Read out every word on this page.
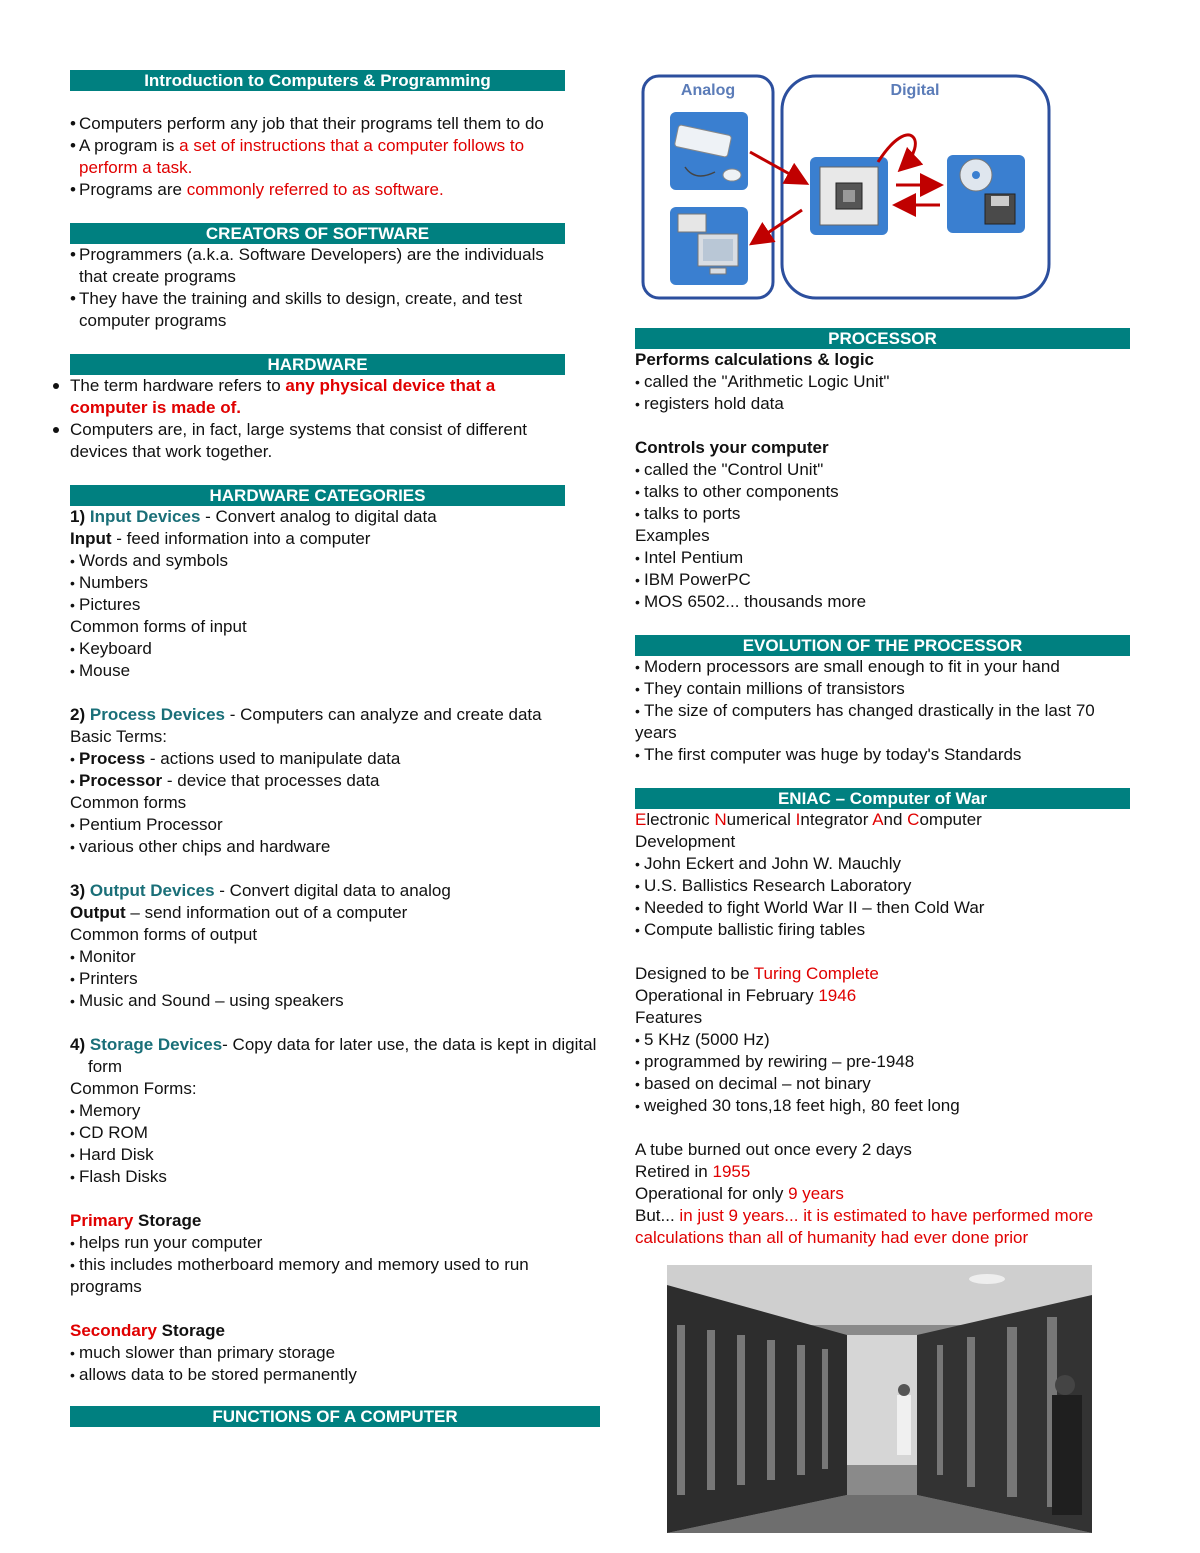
Introduction to Computers & Programming
• Computers perform any job that their programs tell them to do
• A program is a set of instructions that a computer follows to
perform a task.
• Programs are commonly referred to as software.
CREATORS OF SOFTWARE
• Programmers (a.k.a. Software Developers) are the individuals
that create programs
• They have the training and skills to design, create, and test
computer programs
HARDWARE
The term hardware refers to any physical device that a
computer is made of.
Computers are, in fact, large systems that consist of different
devices that work together.
HARDWARE CATEGORIES
1) Input Devices - Convert analog to digital data
Input - feed information into a computer
• Words and symbols
• Numbers
• Pictures
Common forms of input
• Keyboard
• Mouse
2) Process Devices - Computers can analyze and create data
Basic Terms:
• Process - actions used to manipulate data
• Processor - device that processes data
Common forms
• Pentium Processor
• various other chips and hardware
3) Output Devices - Convert digital data to analog
Output – send information out of a computer
Common forms of output
• Monitor
• Printers
• Music and Sound – using speakers
4) Storage Devices- Copy data for later use, the data is kept in digital
form
Common Forms:
• Memory
• CD ROM
• Hard Disk
• Flash Disks
Primary Storage
• helps run your computer
• this includes motherboard memory and memory used to run
programs
Secondary Storage
• much slower than primary storage
• allows data to be stored permanently
FUNCTIONS OF A COMPUTER
Analog	Digital
PROCESSOR
Performs calculations & logic
• called the "Arithmetic Logic Unit"
• registers hold data
Controls your computer
• called the "Control Unit"
• talks to other components
• talks to ports
Examples
• Intel Pentium
• IBM PowerPC
• MOS 6502... thousands more
EVOLUTION OF THE PROCESSOR
• Modern processors are small enough to fit in your hand
• They contain millions of transistors
• The size of computers has changed drastically in the last 70
years
• The first computer was huge by today's Standards
ENIAC – Computer of War
Electronic Numerical Integrator And Computer
Development
• John Eckert and John W. Mauchly
• U.S. Ballistics Research Laboratory
• Needed to fight World War II – then Cold War
• Compute ballistic firing tables
Designed to be Turing Complete
Operational in February 1946
Features
• 5 KHz (5000 Hz)
• programmed by rewiring – pre-1948
• based on decimal – not binary
• weighed 30 tons,18 feet high, 80 feet long
A tube burned out once every 2 days
Retired in 1955
Operational for only 9 years
But... in just 9 years... it is estimated to have performed more
calculations than all of humanity had ever done prior
